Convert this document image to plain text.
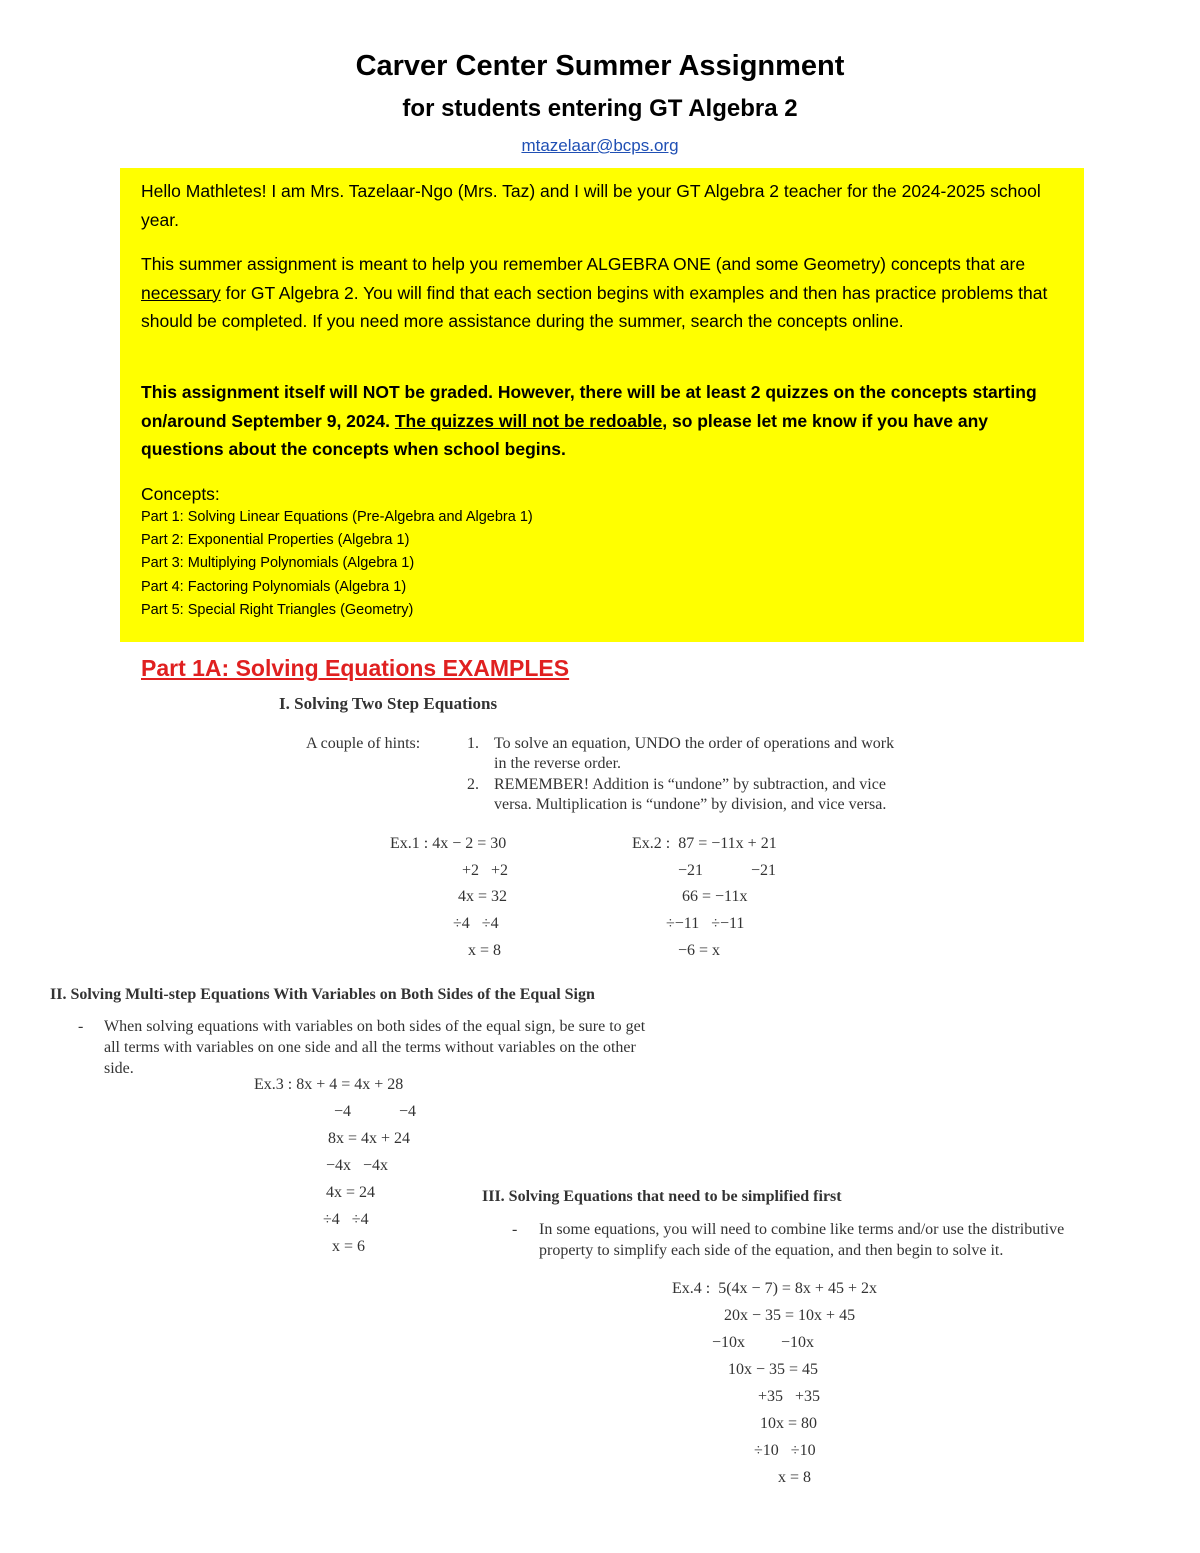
Carver Center Summer Assignment
for students entering GT Algebra 2
mtazelaar@bcps.org
Hello Mathletes! I am Mrs. Tazelaar-Ngo (Mrs. Taz) and I will be your GT Algebra 2 teacher for the 2024-2025 school year.
This summer assignment is meant to help you remember ALGEBRA ONE (and some Geometry) concepts that are necessary for GT Algebra 2. You will find that each section begins with examples and then has practice problems that should be completed. If you need more assistance during the summer, search the concepts online.
This assignment itself will NOT be graded. However, there will be at least 2 quizzes on the concepts starting on/around September 9, 2024. The quizzes will not be redoable, so please let me know if you have any questions about the concepts when school begins.
Concepts:
Part 1: Solving Linear Equations (Pre-Algebra and Algebra 1)
Part 2: Exponential Properties (Algebra 1)
Part 3: Multiplying Polynomials (Algebra 1)
Part 4: Factoring Polynomials (Algebra 1)
Part 5: Special Right Triangles (Geometry)
Part 1A: Solving Equations EXAMPLES
I. Solving Two Step Equations
A couple of hints:	1. To solve an equation, UNDO the order of operations and work
in the reverse order.
2. REMEMBER! Addition is “undone” by subtraction, and vice
versa. Multiplication is “undone” by division, and vice versa.
Ex.1 : 4x − 2 = 30
+2   +2
4x = 32
÷4   ÷4
x = 8
Ex.2 :  87 = −11x + 21
−21            −21
66 = −11x
÷−11   ÷−11
−6 = x
II. Solving Multi-step Equations With Variables on Both Sides of the Equal Sign
- When solving equations with variables on both sides of the equal sign, be sure to get
all terms with variables on one side and all the terms without variables on the other
side.
Ex.3 : 8x + 4 = 4x + 28
−4            −4
8x = 4x + 24
−4x   −4x
4x = 24
÷4   ÷4
x = 6
III. Solving Equations that need to be simplified first
- In some equations, you will need to combine like terms and/or use the distributive
property to simplify each side of the equation, and then begin to solve it.
Ex.4 :  5(4x − 7) = 8x + 45 + 2x
20x − 35 = 10x + 45
−10x         −10x
10x − 35 = 45
+35   +35
10x = 80
÷10   ÷10
x = 8
